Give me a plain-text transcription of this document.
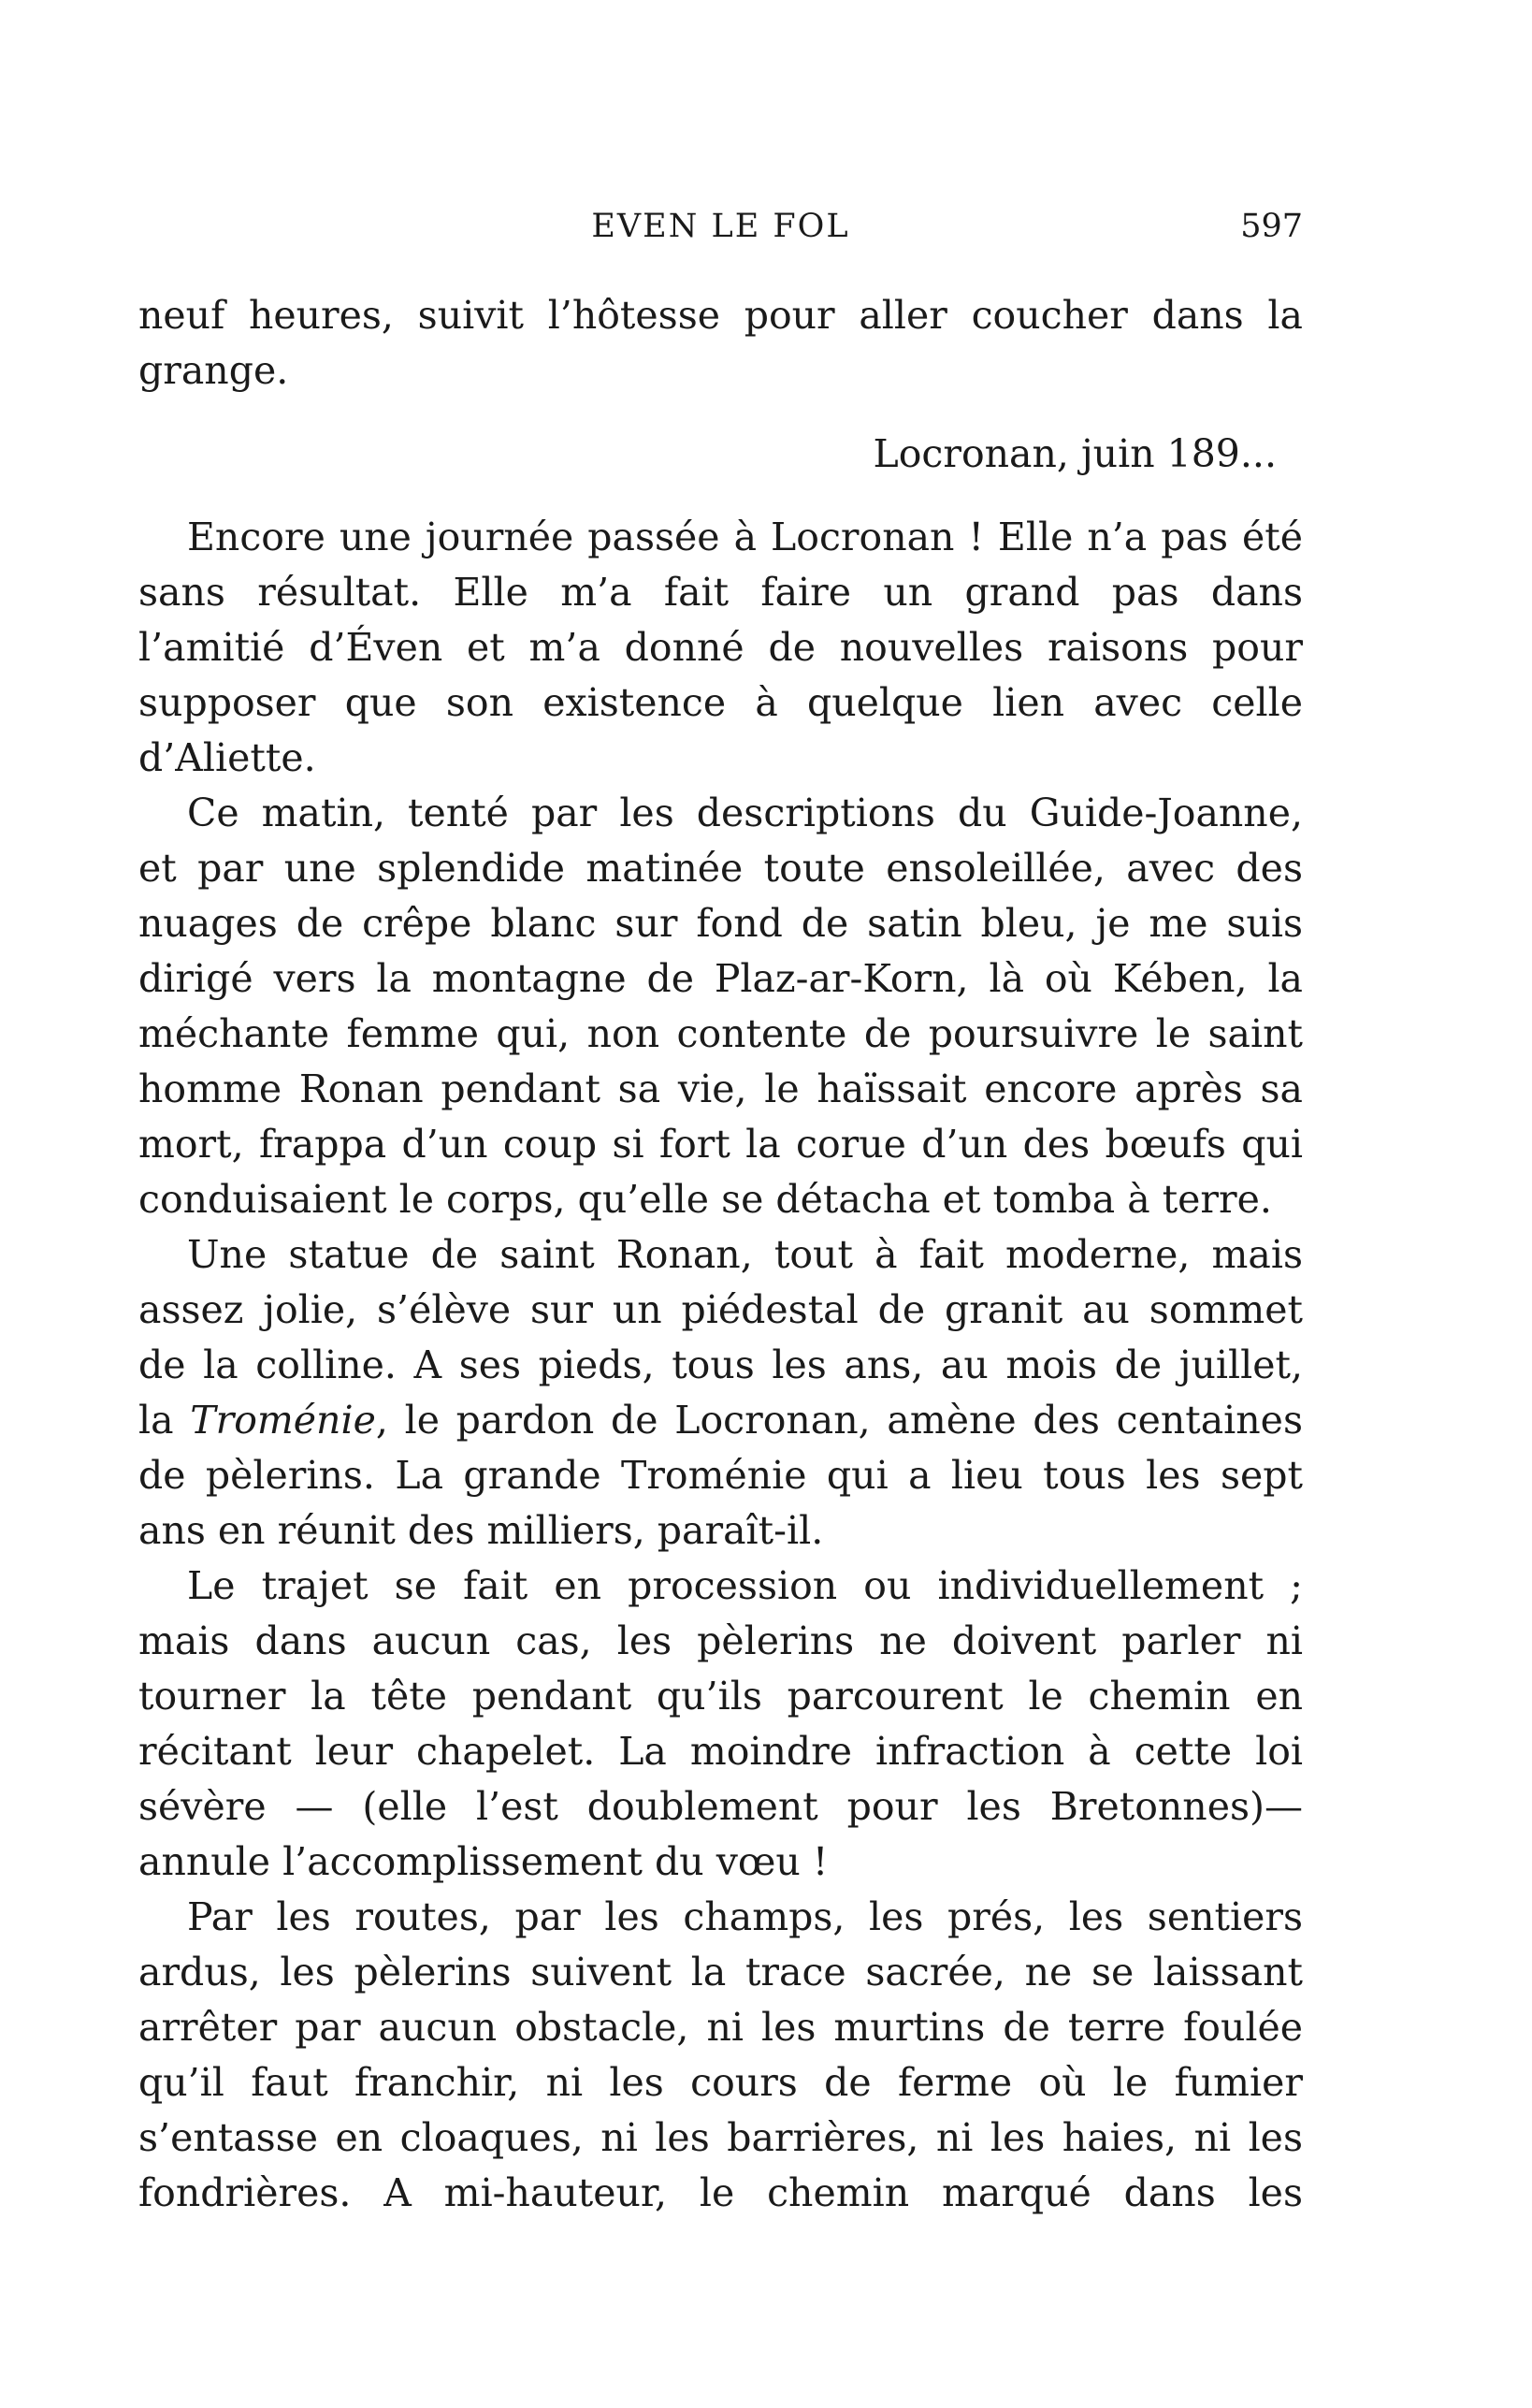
EVEN LE FOL	597
neuf heures, suivit l’hôtesse pour aller coucher dans la
grange.
Locronan, juin 189...
Encore une journée passée à Locronan ! Elle n’a pas été
sans résultat. Elle m’a fait faire un grand pas dans
l’amitié d’Éven et m’a donné de nouvelles raisons pour
supposer que son existence à quelque lien avec celle
d’Aliette.
Ce matin, tenté par les descriptions du Guide-Joanne,
et par une splendide matinée toute ensoleillée, avec des
nuages de crêpe blanc sur fond de satin bleu, je me suis
dirigé vers la montagne de Plaz-ar-Korn, là où Kében, la
méchante femme qui, non contente de poursuivre le saint
homme Ronan pendant sa vie, le haïssait encore après sa
mort, frappa d’un coup si fort la corue d’un des bœufs qui
conduisaient le corps, qu’elle se détacha et tomba à terre.
Une statue de saint Ronan, tout à fait moderne, mais
assez jolie, s’élève sur un piédestal de granit au sommet
de la colline. A ses pieds, tous les ans, au mois de juillet,
la Troménie, le pardon de Locronan, amène des centaines
de pèlerins. La grande Troménie qui a lieu tous les sept
ans en réunit des milliers, paraît-il.
Le trajet se fait en procession ou individuellement ;
mais dans aucun cas, les pèlerins ne doivent parler ni
tourner la tête pendant qu’ils parcourent le chemin en
récitant leur chapelet. La moindre infraction à cette loi
sévère — (elle l’est doublement pour les Bretonnes)—
annule l’accomplissement du vœu !
Par les routes, par les champs, les prés, les sentiers
ardus, les pèlerins suivent la trace sacrée, ne se laissant
arrêter par aucun obstacle, ni les murtins de terre foulée
qu’il faut franchir, ni les cours de ferme où le fumier
s’entasse en cloaques, ni les barrières, ni les haies, ni les
fondrières. A mi-hauteur, le chemin marqué dans les
